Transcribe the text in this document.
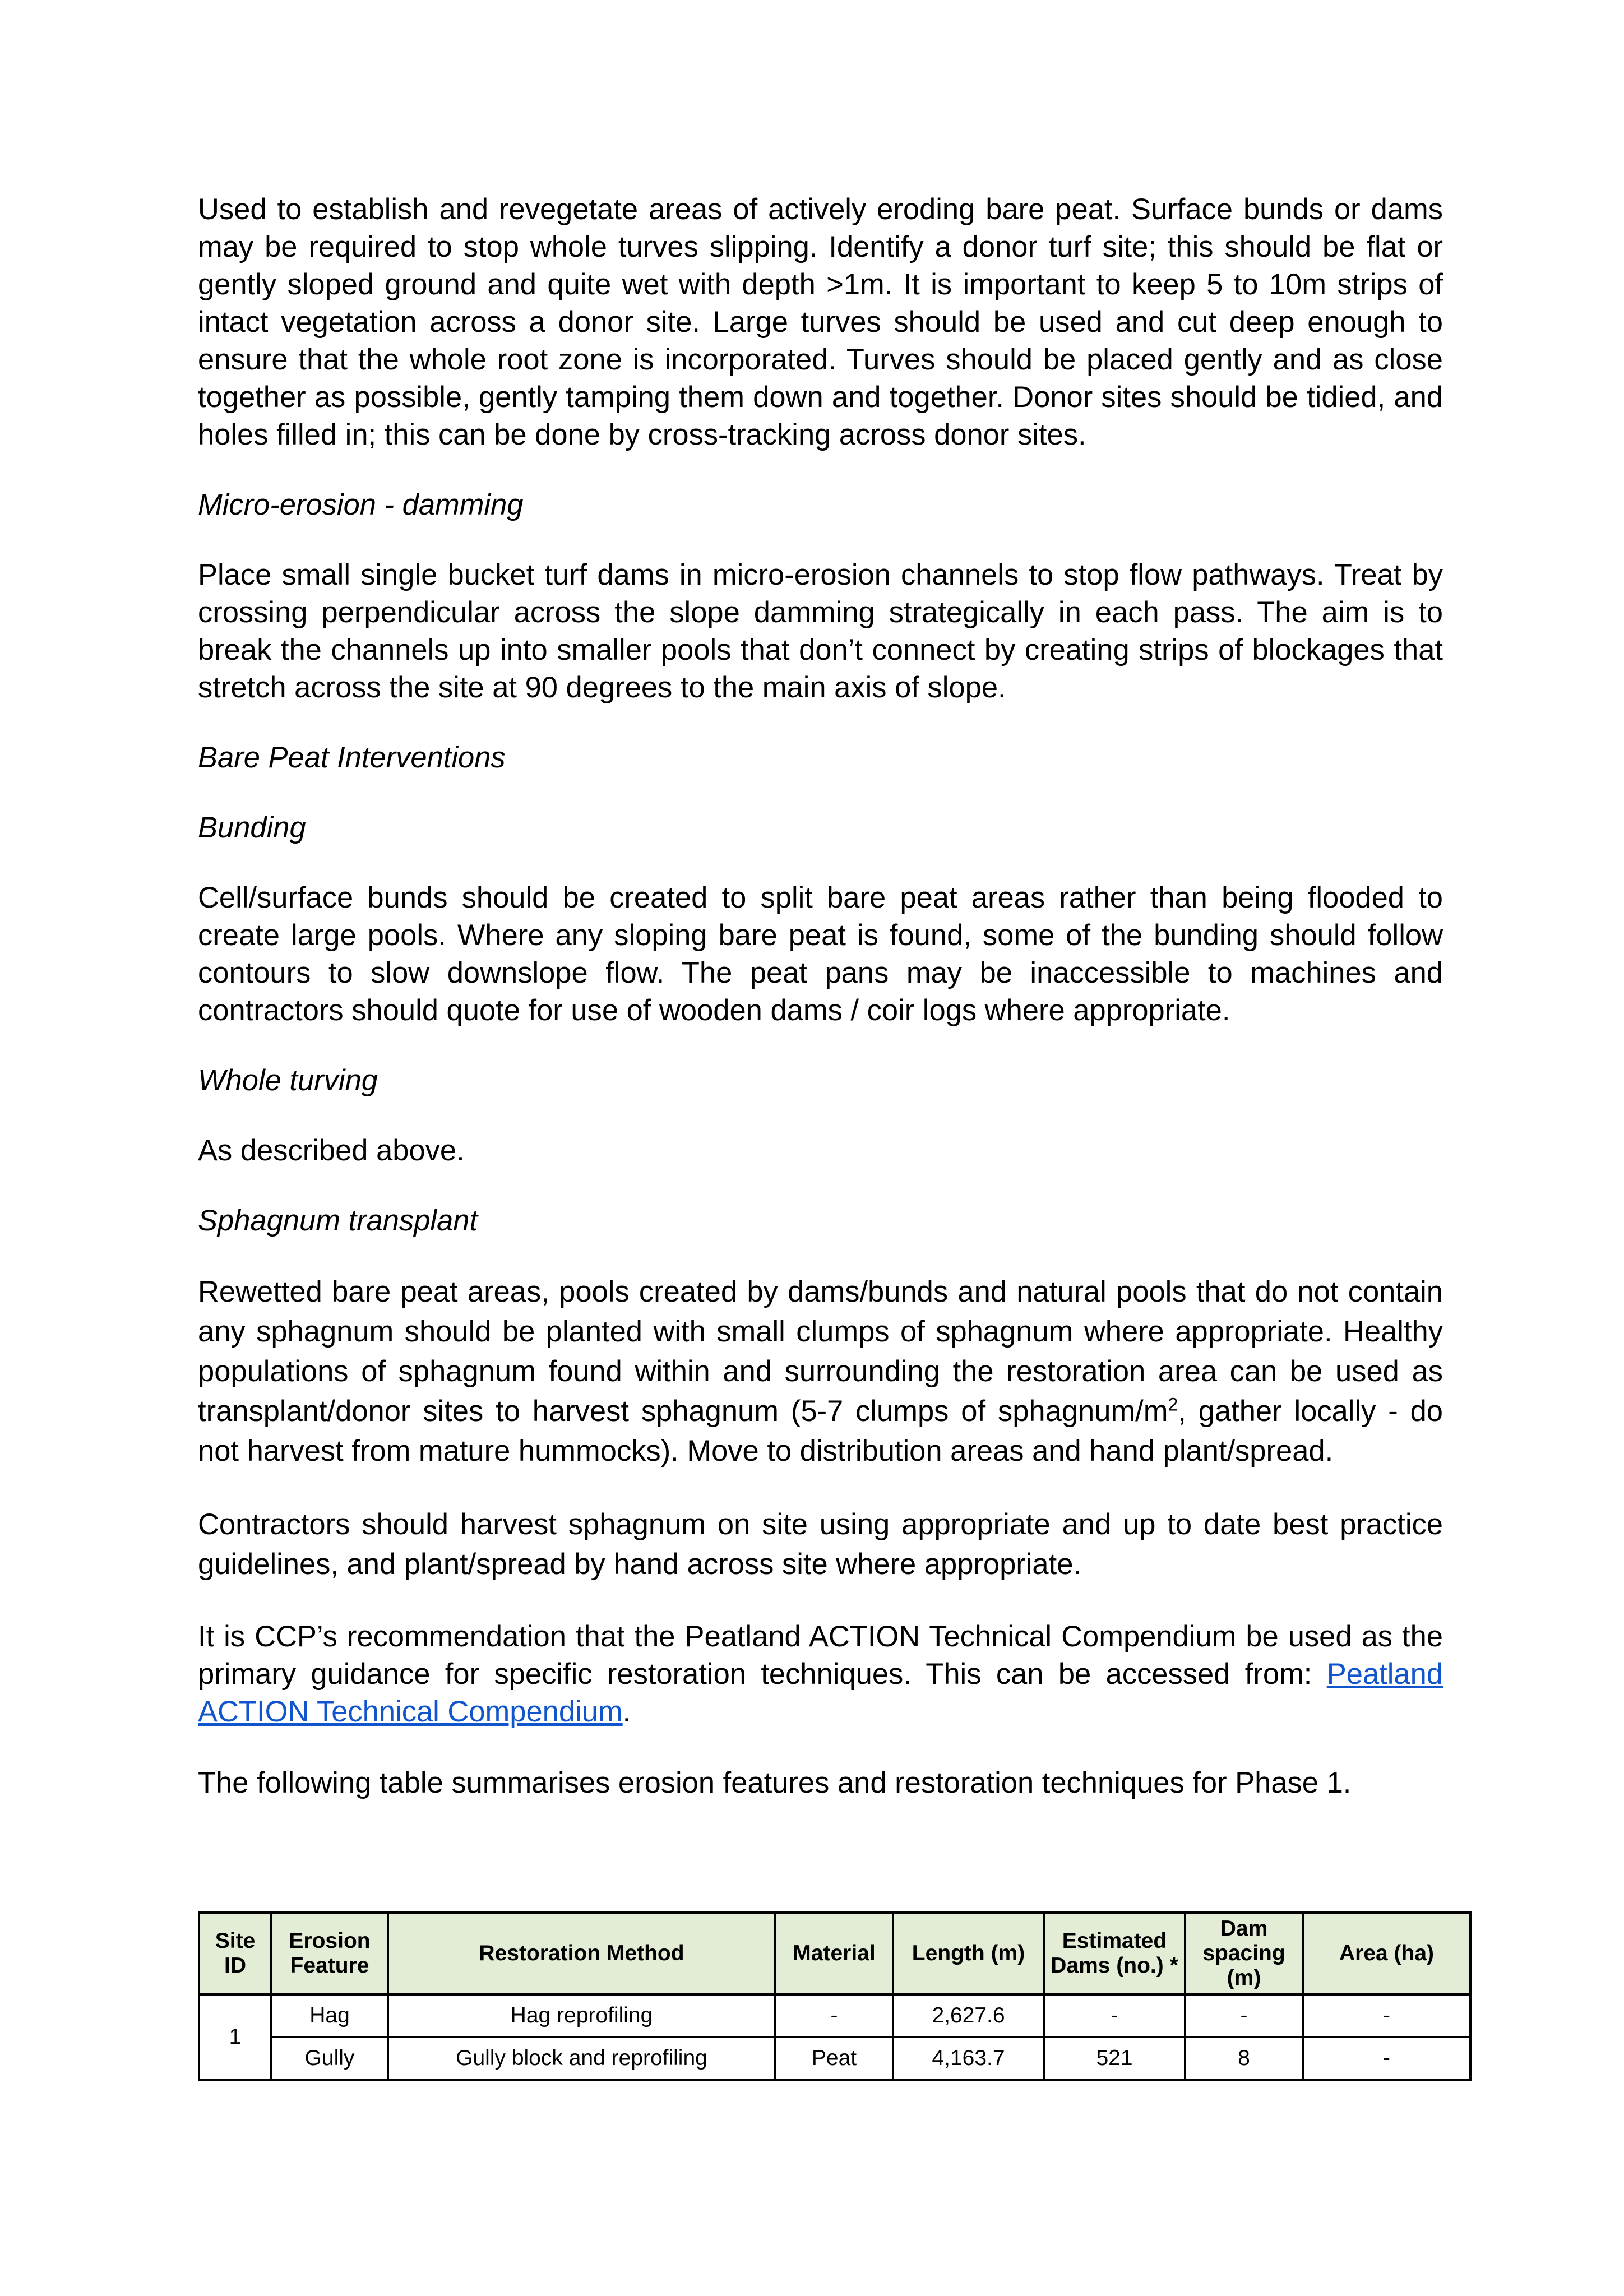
Used to establish and revegetate areas of actively eroding bare peat. Surface bunds or dams may be required to stop whole turves slipping. Identify a donor turf site; this should be flat or gently sloped ground and quite wet with depth >1m. It is important to keep 5 to 10m strips of intact vegetation across a donor site. Large turves should be used and cut deep enough to ensure that the whole root zone is incorporated. Turves should be placed gently and as close together as possible, gently tamping them down and together. Donor sites should be tidied, and holes filled in; this can be done by cross-tracking across donor sites.

Micro-erosion - damming

Place small single bucket turf dams in micro-erosion channels to stop flow pathways. Treat by crossing perpendicular across the slope damming strategically in each pass. The aim is to break the channels up into smaller pools that don’t connect by creating strips of blockages that stretch across the site at 90 degrees to the main axis of slope.

Bare Peat Interventions

Bunding

Cell/surface bunds should be created to split bare peat areas rather than being flooded to create large pools. Where any sloping bare peat is found, some of the bunding should follow contours to slow downslope flow. The peat pans may be inaccessible to machines and contractors should quote for use of wooden dams / coir logs where appropriate.

Whole turving

As described above.

Sphagnum transplant

Rewetted bare peat areas, pools created by dams/bunds and natural pools that do not contain any sphagnum should be planted with small clumps of sphagnum where appropriate. Healthy populations of sphagnum found within and surrounding the restoration area can be used as transplant/donor sites to harvest sphagnum (5-7 clumps of sphagnum/$m^2$, gather locally - do not harvest from mature hummocks). Move to distribution areas and hand plant/spread.

Contractors should harvest sphagnum on site using appropriate and up to date best practice guidelines, and plant/spread by hand across site where appropriate.

It is CCP’s recommendation that the Peatland ACTION Technical Compendium be used as the primary guidance for specific restoration techniques. This can be accessed from: Peatland ACTION Technical Compendium.

The following table summarises erosion features and restoration techniques for Phase 1.

Site ID	Erosion Feature	Restoration Method	Material	Length (m)	Estimated Dams (no.) *	Dam spacing (m)	Area (ha)
1	Hag	Hag reprofiling	-	2,627.6	-	-	-
	Gully	Gully block and reprofiling	Peat	4,163.7	521	8	-
